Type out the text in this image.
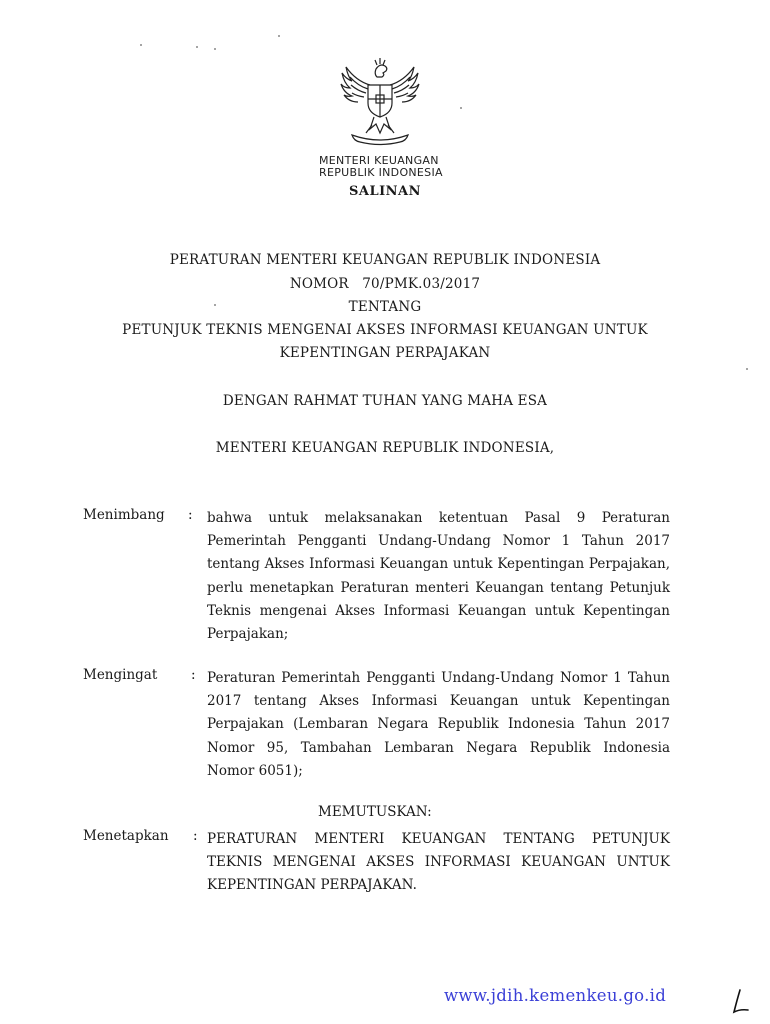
MENTERI KEUANGAN
REPUBLIK INDONESIA
SALINAN
PERATURAN MENTERI KEUANGAN REPUBLIK INDONESIA
NOMOR   70/PMK.03/2017
TENTANG
PETUNJUK TEKNIS MENGENAI AKSES INFORMASI KEUANGAN UNTUK
KEPENTINGAN PERPAJAKAN
DENGAN RAHMAT TUHAN YANG MAHA ESA
MENTERI KEUANGAN REPUBLIK INDONESIA,
Menimbang : bahwa untuk melaksanakan ketentuan Pasal 9 Peraturan Pemerintah Pengganti Undang-Undang Nomor 1 Tahun 2017 tentang Akses Informasi Keuangan untuk Kepentingan Perpajakan, perlu menetapkan Peraturan menteri Keuangan tentang Petunjuk Teknis mengenai Akses Informasi Keuangan untuk Kepentingan Perpajakan;
Mengingat : Peraturan Pemerintah Pengganti Undang-Undang Nomor 1 Tahun 2017 tentang Akses Informasi Keuangan untuk Kepentingan Perpajakan (Lembaran Negara Republik Indonesia Tahun 2017 Nomor 95, Tambahan Lembaran Negara Republik Indonesia Nomor 6051);
MEMUTUSKAN:
Menetapkan : PERATURAN MENTERI KEUANGAN TENTANG PETUNJUK TEKNIS MENGENAI AKSES INFORMASI KEUANGAN UNTUK KEPENTINGAN PERPAJAKAN.
www.jdih.kemenkeu.go.id
